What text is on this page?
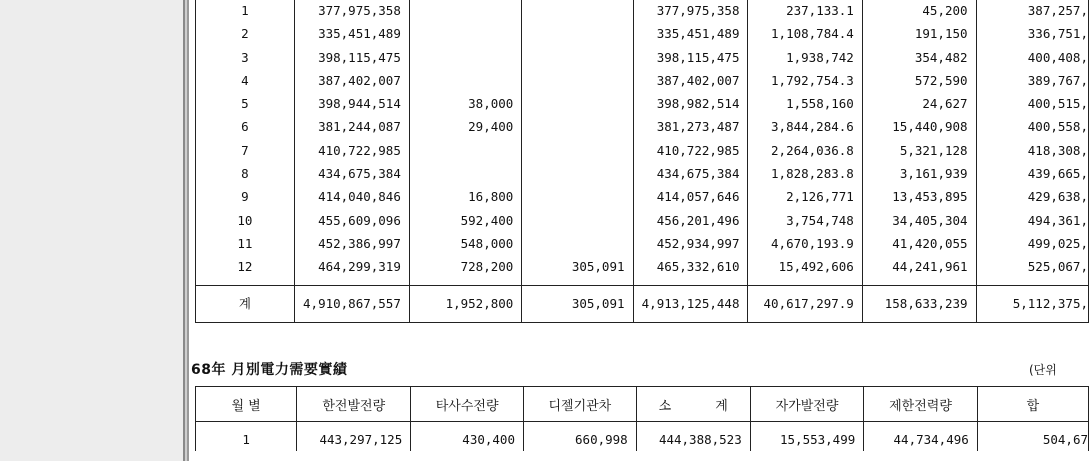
1	377,975,358			377,975,358	237,133.1	45,200	387,257,
2	335,451,489			335,451,489	1,108,784.4	191,150	336,751,
3	398,115,475			398,115,475	1,938,742	354,482	400,408,
4	387,402,007			387,402,007	1,792,754.3	572,590	389,767,
5	398,944,514	38,000		398,982,514	1,558,160	24,627	400,515,
6	381,244,087	29,400		381,273,487	3,844,284.6	15,440,908	400,558,
7	410,722,985			410,722,985	2,264,036.8	5,321,128	418,308,
8	434,675,384			434,675,384	1,828,283.8	3,161,939	439,665,
9	414,040,846	16,800		414,057,646	2,126,771	13,453,895	429,638,
10	455,609,096	592,400		456,201,496	3,754,748	34,405,304	494,361,
11	452,386,997	548,000		452,934,997	4,670,193.9	41,420,055	499,025,
12	464,299,319	728,200	305,091	465,332,610	15,492,606	44,241,961	525,067,

계	4,910,867,557	1,952,800	305,091	4,913,125,448	40,617,297.9	158,633,239	5,112,375,
68年 月別電力需要實績	(단위
월 별	한전발전량	타사수전량	디젤기관차	소 계	자가발전량	제한전력량	합

1	443,297,125	430,400	660,998	444,388,523	15,553,499	44,734,496	504,67
